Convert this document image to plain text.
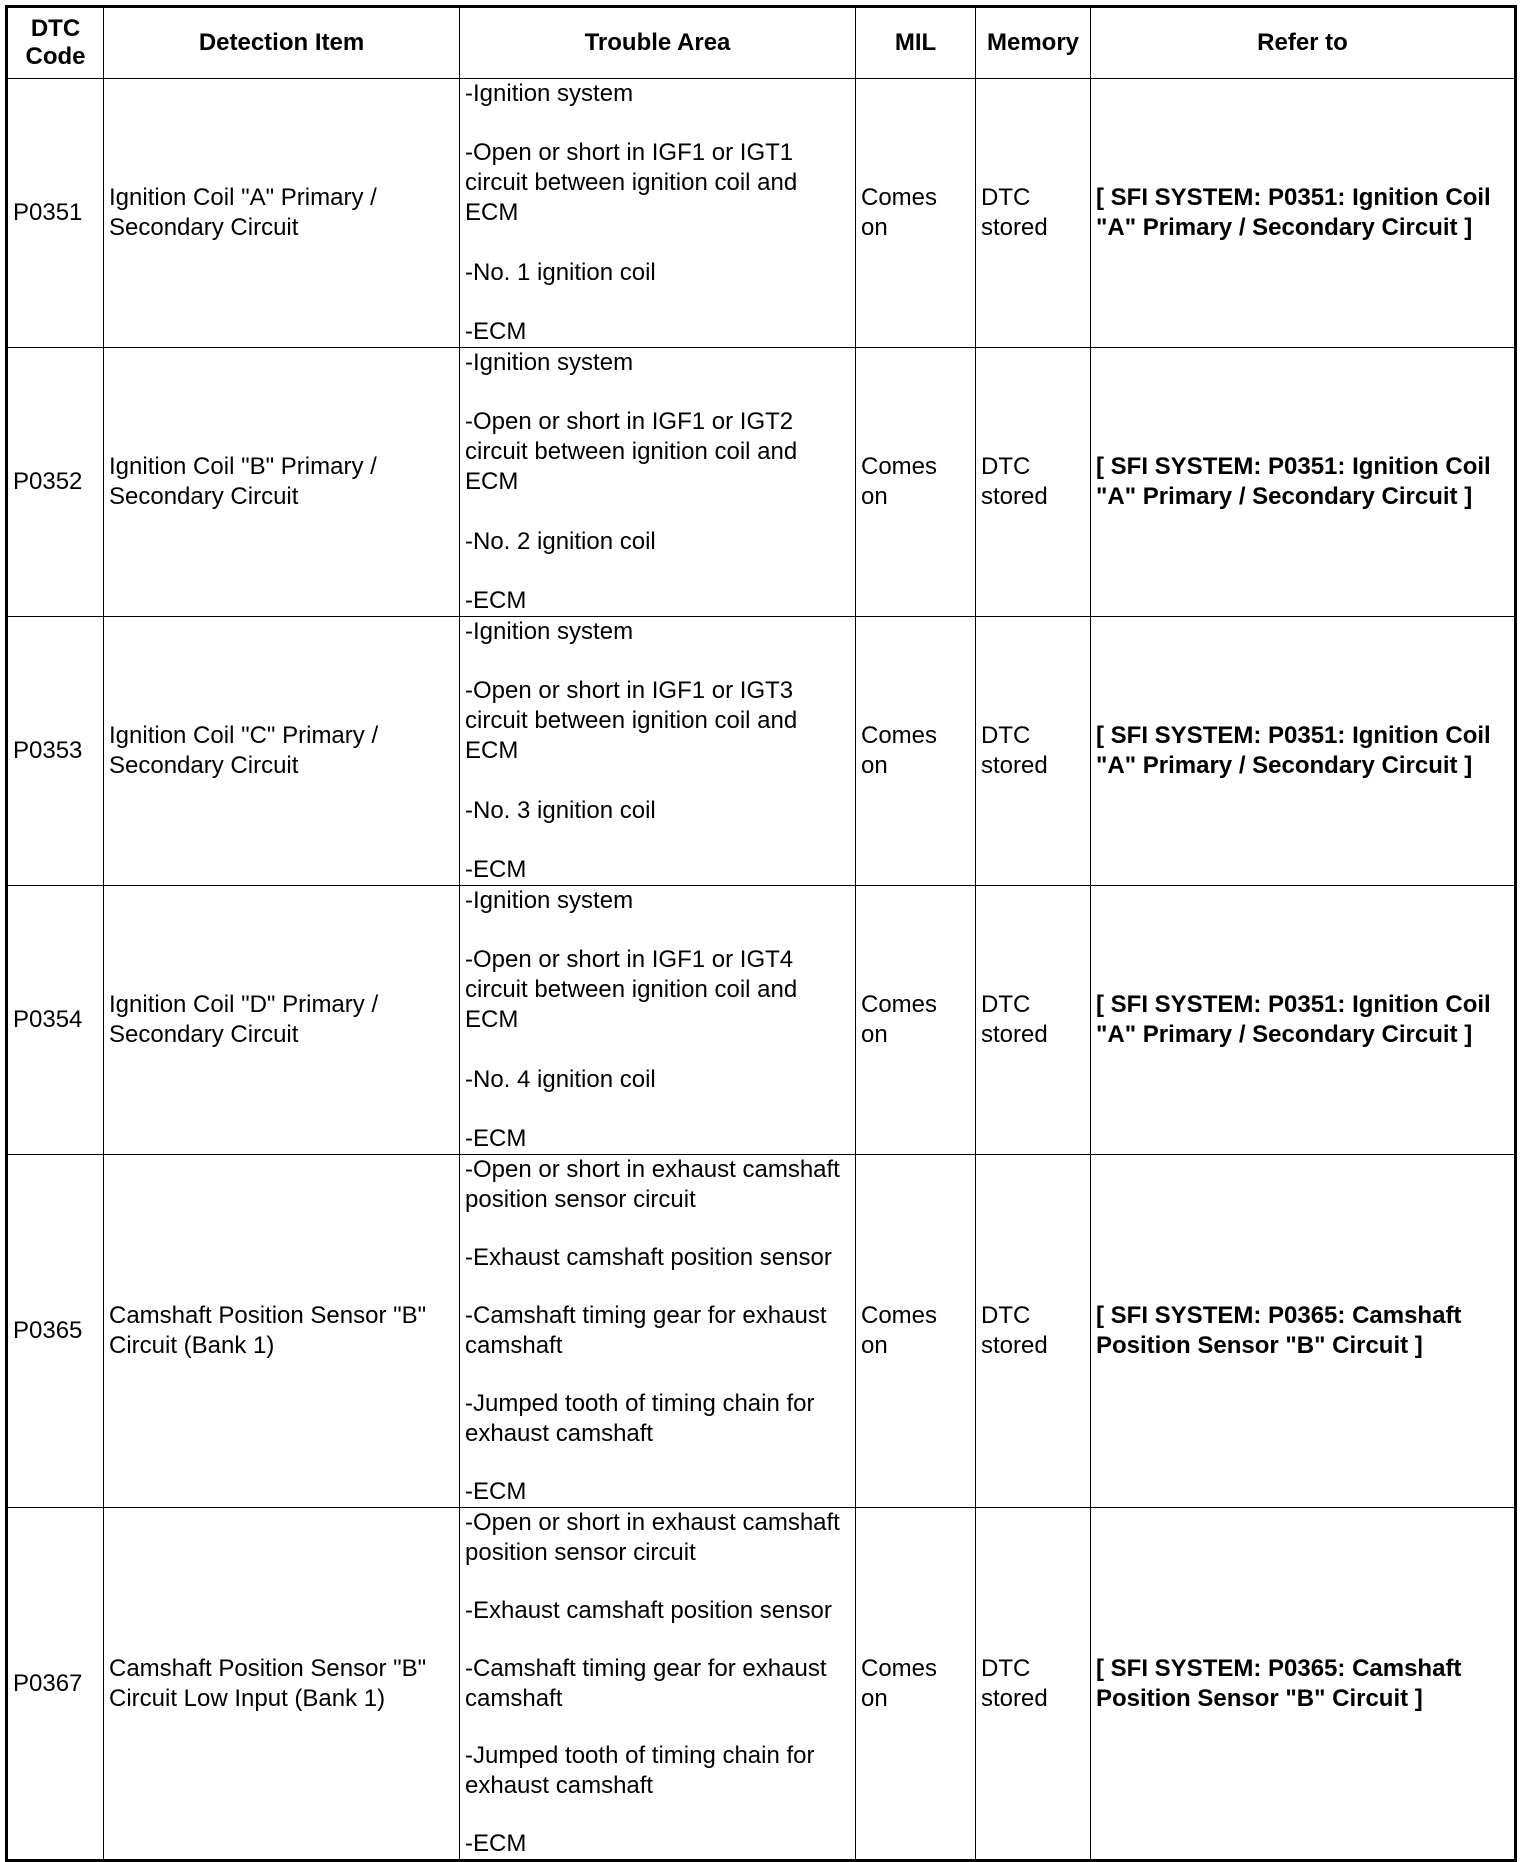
DTC Code	Detection Item	Trouble Area	MIL	Memory	Refer to
P0351	Ignition Coil "A" Primary / Secondary Circuit	-Ignition system
-Open or short in IGF1 or IGT1 circuit between ignition coil and ECM
-No. 1 ignition coil
-ECM	Comes on	DTC stored	[ SFI SYSTEM: P0351: Ignition Coil "A" Primary / Secondary Circuit ]
P0352	Ignition Coil "B" Primary / Secondary Circuit	-Ignition system
-Open or short in IGF1 or IGT2 circuit between ignition coil and ECM
-No. 2 ignition coil
-ECM	Comes on	DTC stored	[ SFI SYSTEM: P0351: Ignition Coil "A" Primary / Secondary Circuit ]
P0353	Ignition Coil "C" Primary / Secondary Circuit	-Ignition system
-Open or short in IGF1 or IGT3 circuit between ignition coil and ECM
-No. 3 ignition coil
-ECM	Comes on	DTC stored	[ SFI SYSTEM: P0351: Ignition Coil "A" Primary / Secondary Circuit ]
P0354	Ignition Coil "D" Primary / Secondary Circuit	-Ignition system
-Open or short in IGF1 or IGT4 circuit between ignition coil and ECM
-No. 4 ignition coil
-ECM	Comes on	DTC stored	[ SFI SYSTEM: P0351: Ignition Coil "A" Primary / Secondary Circuit ]
P0365	Camshaft Position Sensor "B" Circuit (Bank 1)	-Open or short in exhaust camshaft position sensor circuit
-Exhaust camshaft position sensor
-Camshaft timing gear for exhaust camshaft
-Jumped tooth of timing chain for exhaust camshaft
-ECM	Comes on	DTC stored	[ SFI SYSTEM: P0365: Camshaft Position Sensor "B" Circuit ]
P0367	Camshaft Position Sensor "B" Circuit Low Input (Bank 1)	-Open or short in exhaust camshaft position sensor circuit
-Exhaust camshaft position sensor
-Camshaft timing gear for exhaust camshaft
-Jumped tooth of timing chain for exhaust camshaft
-ECM	Comes on	DTC stored	[ SFI SYSTEM: P0365: Camshaft Position Sensor "B" Circuit ]
